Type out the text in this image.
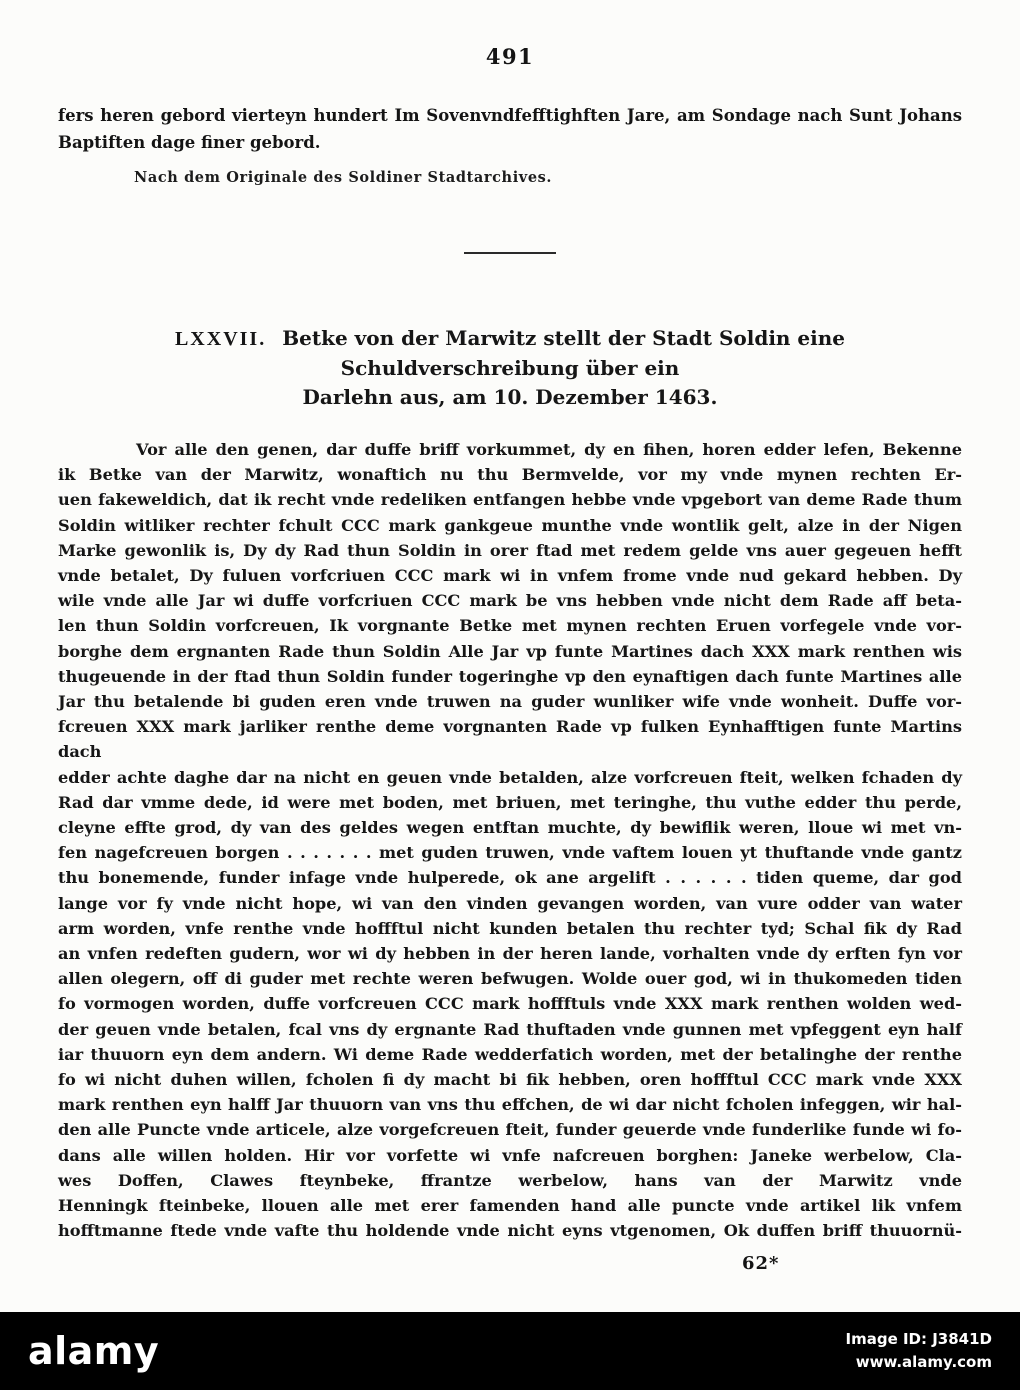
491
fers heren gebord vierteyn hundert Im Sovenvndfefftighften Jare, am Sondage nach Sunt Johans
Baptiften dage finer gebord.
Nach dem Originale des Soldiner Stadtarchives.
LXXVII. Betke von der Marwitz stellt der Stadt Soldin eine Schuldverschreibung über ein
Darlehn aus, am 10. Dezember 1463.
Vor alle den genen, dar duffe briff vorkummet, dy en fihen, horen edder lefen, Bekenne
ik Betke van der Marwitz, wonaftich nu thu Bermvelde, vor my vnde mynen rechten Er-
uen fakeweldich, dat ik recht vnde redeliken entfangen hebbe vnde vpgebort van deme Rade thum
Soldin witliker rechter fchult CCC mark gankgeue munthe vnde wontlik gelt, alze in der Nigen
Marke gewonlik is, Dy dy Rad thun Soldin in orer ftad met redem gelde vns auer gegeuen hefft
vnde betalet, Dy fuluen vorfcriuen CCC mark wi in vnfem frome vnde nud gekard hebben. Dy
wile vnde alle Jar wi duffe vorfcriuen CCC mark be vns hebben vnde nicht dem Rade aff beta-
len thun Soldin vorfcreuen, Ik vorgnante Betke met mynen rechten Eruen vorfegele vnde vor-
borghe dem ergnanten Rade thun Soldin Alle Jar vp funte Martines dach XXX mark renthen wis
thugeuende in der ftad thun Soldin funder togeringhe vp den eynaftigen dach funte Martines alle
Jar thu betalende bi guden eren vnde truwen na guder wunliker wife vnde wonheit. Duffe vor-
fcreuen XXX mark jarliker renthe deme vorgnanten Rade vp fulken Eynhafftigen funte Martins dach
edder achte daghe dar na nicht en geuen vnde betalden, alze vorfcreuen fteit, welken fchaden dy
Rad dar vmme dede, id were met boden, met briuen, met teringhe, thu vuthe edder thu perde,
cleyne effte grod, dy van des geldes wegen entftan muchte, dy bewiflik weren, lloue wi met vn-
fen nagefcreuen borgen . . . . . . . met guden truwen, vnde vaftem louen yt thuftande vnde gantz
thu bonemende, funder infage vnde hulperede, ok ane argelift . . . . . . tiden queme, dar god
lange vor fy vnde nicht hope, wi van den vinden gevangen worden, van vure odder van water
arm worden, vnfe renthe vnde hoffftul nicht kunden betalen thu rechter tyd; Schal fik dy Rad
an vnfen redeften gudern, wor wi dy hebben in der heren lande, vorhalten vnde dy erften fyn vor
allen olegern, off di guder met rechte weren befwugen. Wolde ouer god, wi in thukomeden tiden
fo vormogen worden, duffe vorfcreuen CCC mark hoffftuls vnde XXX mark renthen wolden wed-
der geuen vnde betalen, fcal vns dy ergnante Rad thuftaden vnde gunnen met vpfeggent eyn half
iar thuuorn eyn dem andern. Wi deme Rade wedderfatich worden, met der betalinghe der renthe
fo wi nicht duhen willen, fcholen fi dy macht bi fik hebben, oren hoffftul CCC mark vnde XXX
mark renthen eyn halff Jar thuuorn van vns thu effchen, de wi dar nicht fcholen infeggen, wir hal-
den alle Puncte vnde articele, alze vorgefcreuen fteit, funder geuerde vnde funderlike funde wi fo-
dans alle willen holden. Hir vor vorfette wi vnfe nafcreuen borghen: Janeke werbelow, Cla-
wes Doffen, Clawes fteynbeke, ffrantze werbelow, hans van der Marwitz vnde
Henningk fteinbeke, llouen alle met erer famenden hand alle puncte vnde artikel lik vnfem
hofftmanne ftede vnde vafte thu holdende vnde nicht eyns vtgenomen, Ok duffen briff thuuornü-
62*
alamy	Image ID: J3841D
www.alamy.com
